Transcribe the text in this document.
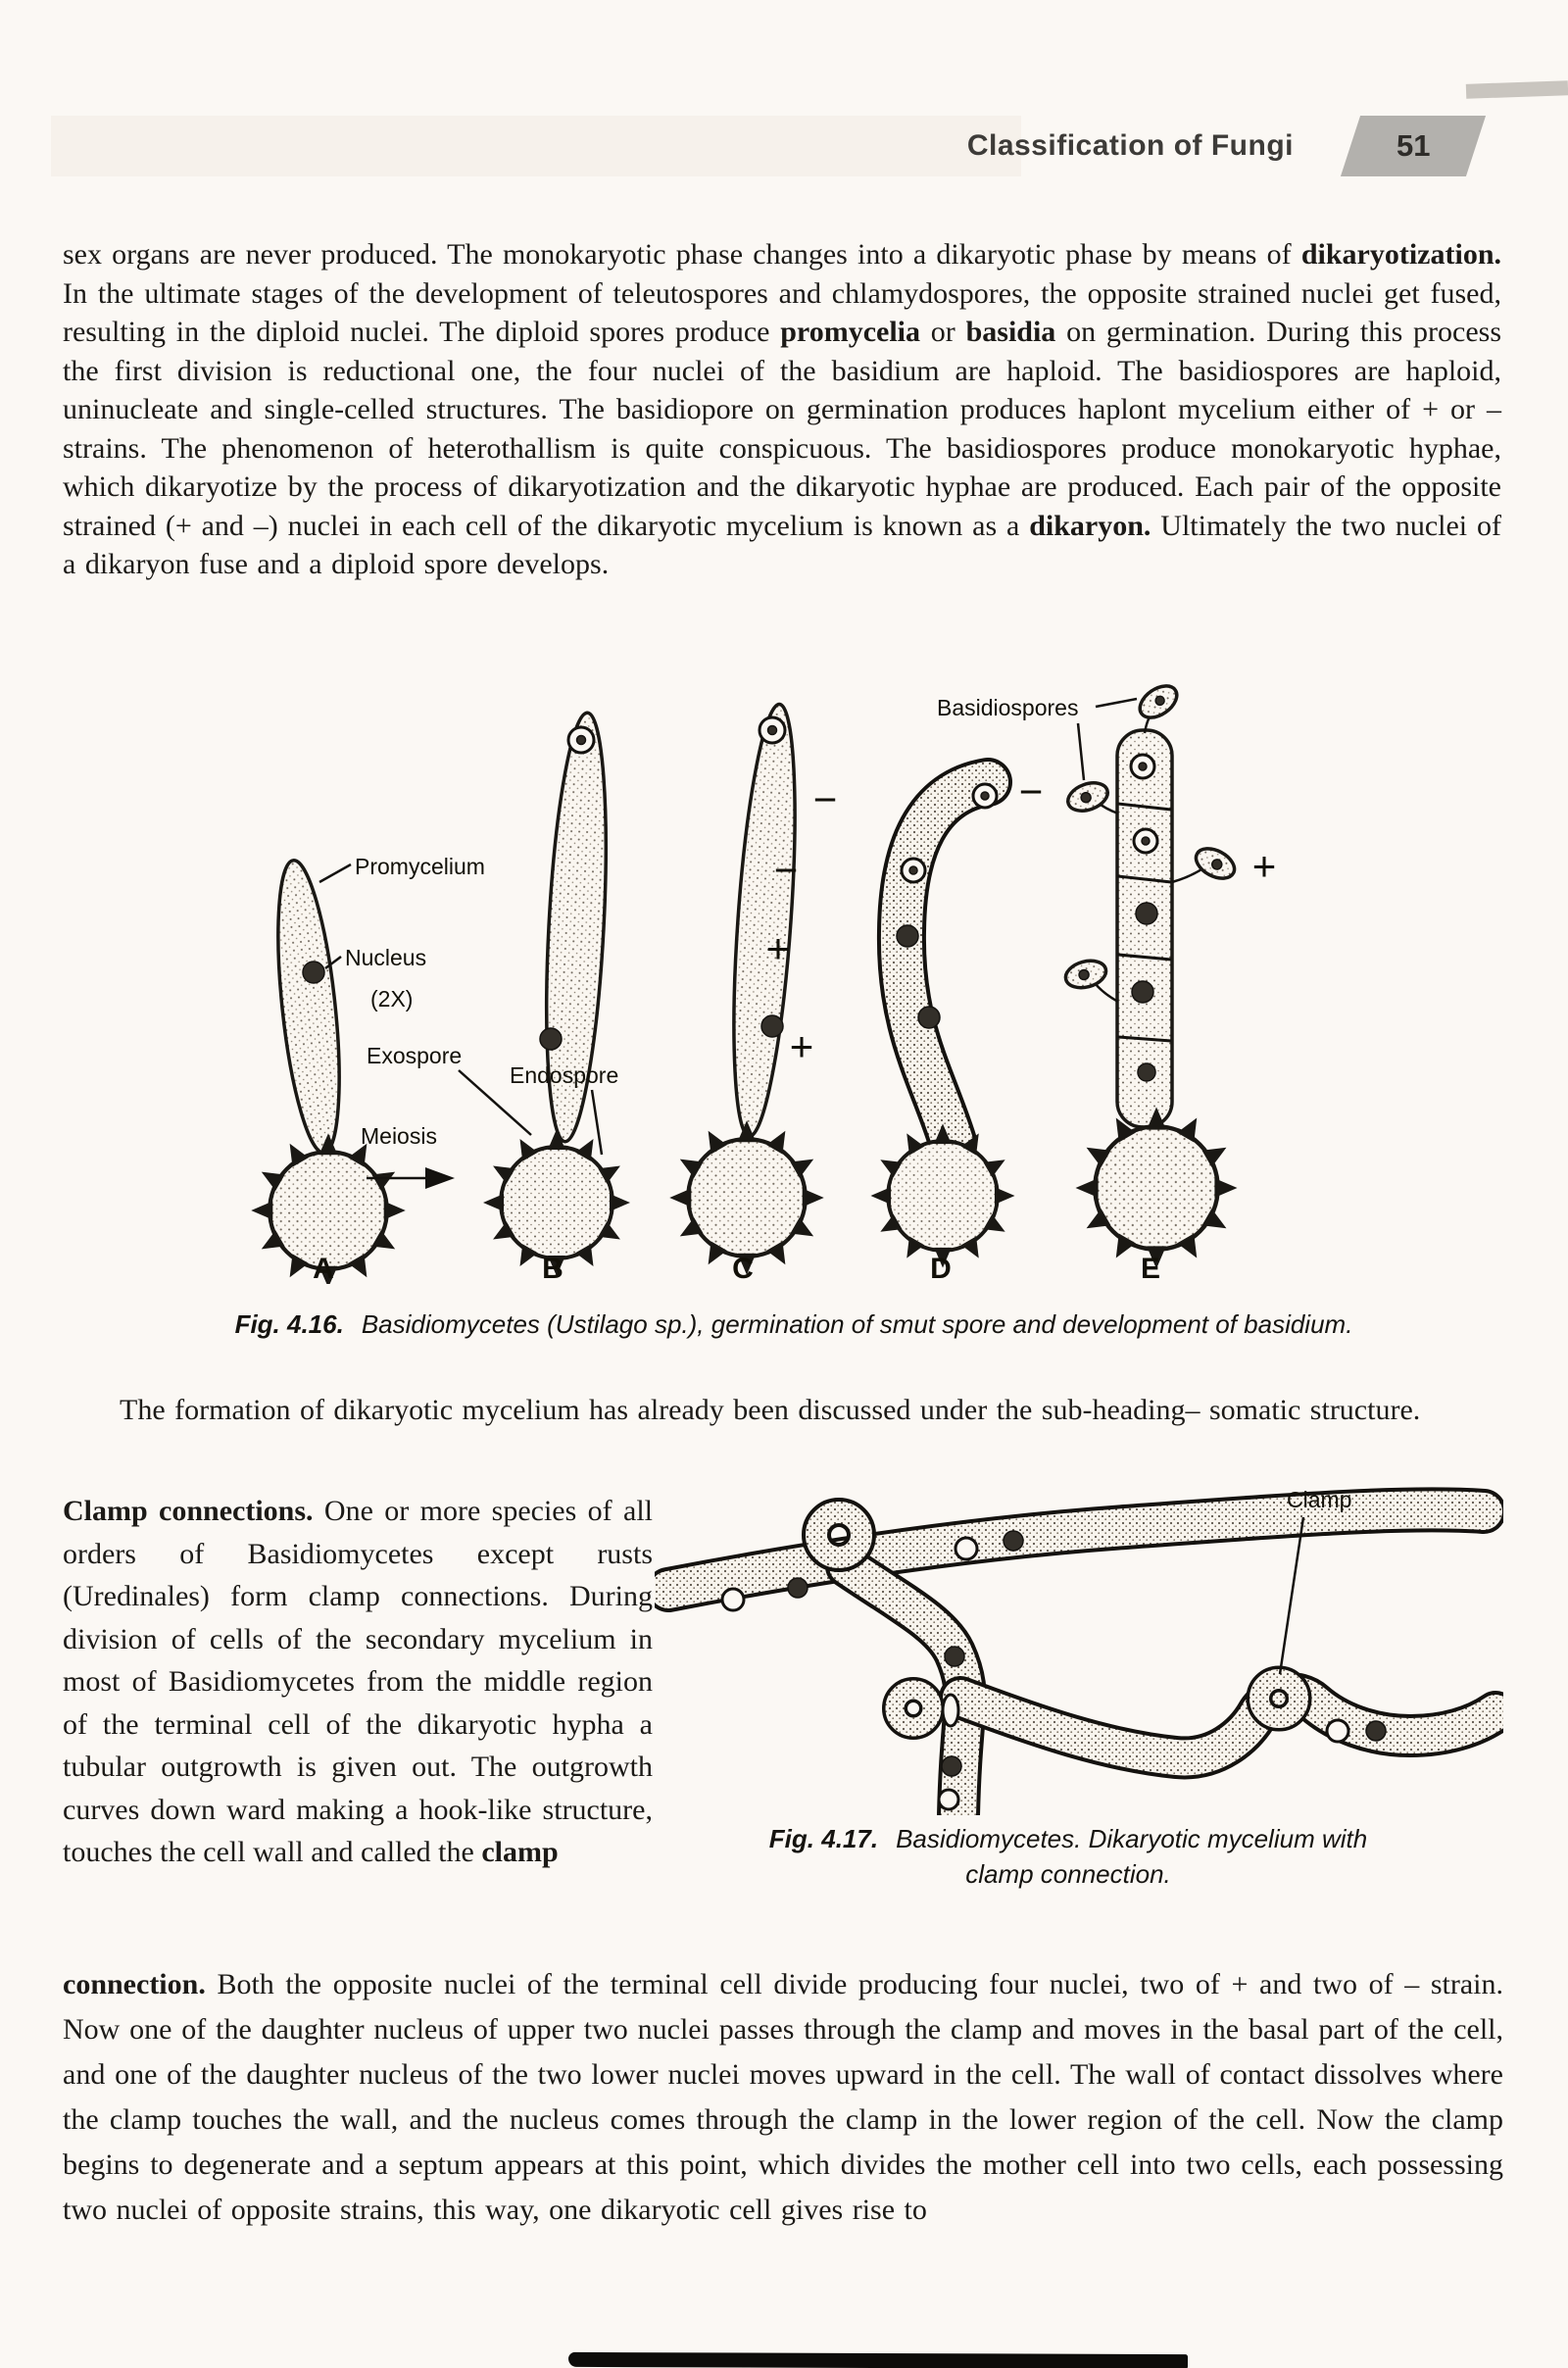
Classification of Fungi	51

sex organs are never produced. The monokaryotic phase changes into a dikaryotic phase by means of dikaryotization. In the ultimate stages of the development of teleutospores and chlamydospores, the opposite strained nuclei get fused, resulting in the diploid nuclei. The diploid spores produce promycelia or basidia on germination. During this process the first division is reductional one, the four nuclei of the basidium are haploid. The basidiospores are haploid, uninucleate and single-celled structures. The basidiopore on germination produces haplont mycelium either of + or – strains. The phenomenon of heterothallism is quite conspicuous. The basidiospores produce monokaryotic hyphae, which dikaryotize by the process of dikaryotization and the dikaryotic hyphae are produced. Each pair of the opposite strained (+ and –) nuclei in each cell of the dikaryotic mycelium is known as a dikaryon. Ultimately the two nuclei of a dikaryon fuse and a diploid spore develops.

−
−
+
+
−
+
Basidiospores
Promycelium
Nucleus
(2X)
Exospore
Endospore
Meiosis
A	B	C	D	E
Fig. 4.16. Basidiomycetes (Ustilago sp.), germination of smut spore and development of basidium.

The formation of dikaryotic mycelium has already been discussed under the sub-heading– somatic structure.

Clamp connections. One or more species of all orders of Basidiomycetes except rusts (Uredinales) form clamp connections. During division of cells of the secondary mycelium in most of Basidiomycetes from the middle region of the terminal cell of the dikaryotic hypha a tubular outgrowth is given out. The outgrowth curves down ward making a hook-like structure, touches the cell wall and called the clamp

Clamp
Fig. 4.17. Basidiomycetes. Dikaryotic mycelium with
clamp connection.

connection. Both the opposite nuclei of the terminal cell divide producing four nuclei, two of + and two of – strain. Now one of the daughter nucleus of upper two nuclei passes through the clamp and moves in the basal part of the cell, and one of the daughter nucleus of the two lower nuclei moves upward in the cell. The wall of contact dissolves where the clamp touches the wall, and the nucleus comes through the clamp in the lower region of the cell. Now the clamp begins to degenerate and a septum appears at this point, which divides the mother cell into two cells, each possessing two nuclei of opposite strains, this way, one dikaryotic cell gives rise to
